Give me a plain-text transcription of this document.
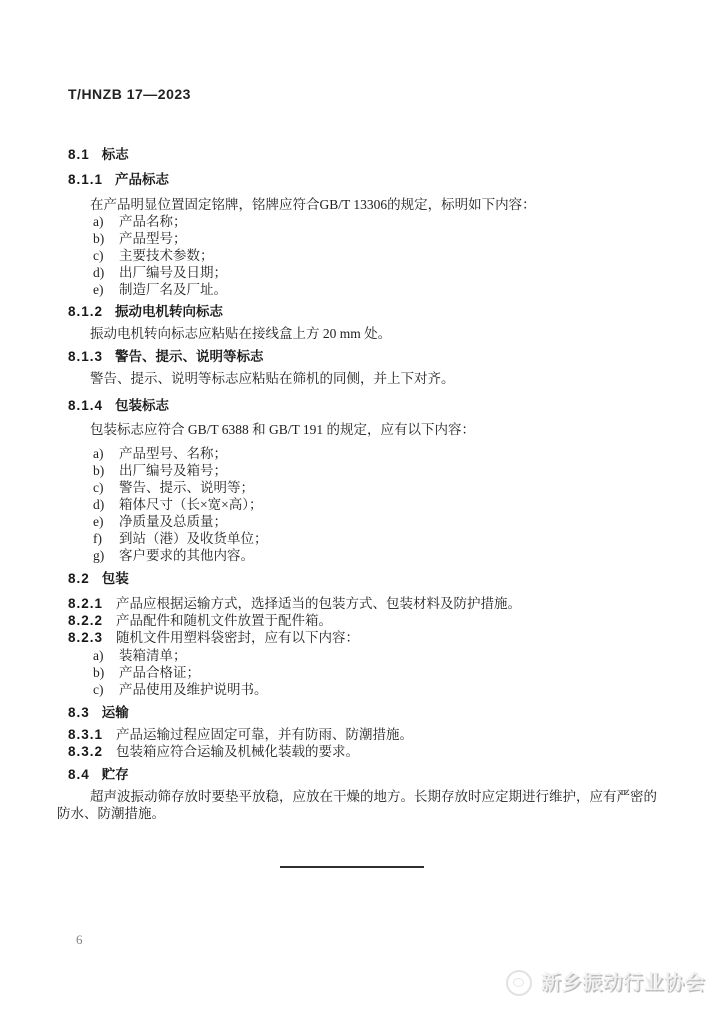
T/HNZB 17—2023
8.1 标志
8.1.1 产品标志

在产品明显位置固定铭牌，铭牌应符合GB/T 13306的规定，标明如下内容：

a) 产品名称；
b) 产品型号；
c) 主要技术参数；
d) 出厂编号及日期；
e) 制造厂名及厂址。
8.1.2 振动电机转向标志

振动电机转向标志应粘贴在接线盒上方 20 mm 处。

8.1.3 警告、提示、说明等标志

警告、提示、说明等标志应粘贴在筛机的同侧，并上下对齐。

8.1.4 包装标志

包装标志应符合 GB/T 6388 和 GB/T 191 的规定，应有以下内容：

a) 产品型号、名称；
b) 出厂编号及箱号；
c) 警告、提示、说明等；
d) 箱体尺寸（长×宽×高）；
e) 净质量及总质量；
f) 到站（港）及收货单位；
g) 客户要求的其他内容。
8.2 包装
8.2.1 产品应根据运输方式，选择适当的包装方式、包装材料及防护措施。
8.2.2 产品配件和随机文件放置于配件箱。
8.2.3 随机文件用塑料袋密封，应有以下内容：
a) 装箱清单；
b) 产品合格证；
c) 产品使用及维护说明书。
8.3 运输
8.3.1 产品运输过程应固定可靠，并有防雨、防潮措施。
8.3.2 包装箱应符合运输及机械化装载的要求。
8.4 贮存

超声波振动筛存放时要垫平放稳，应放在干燥的地方。长期存放时应定期进行维护，应有严密的防水、防潮措施。

6
新乡振动行业协会
